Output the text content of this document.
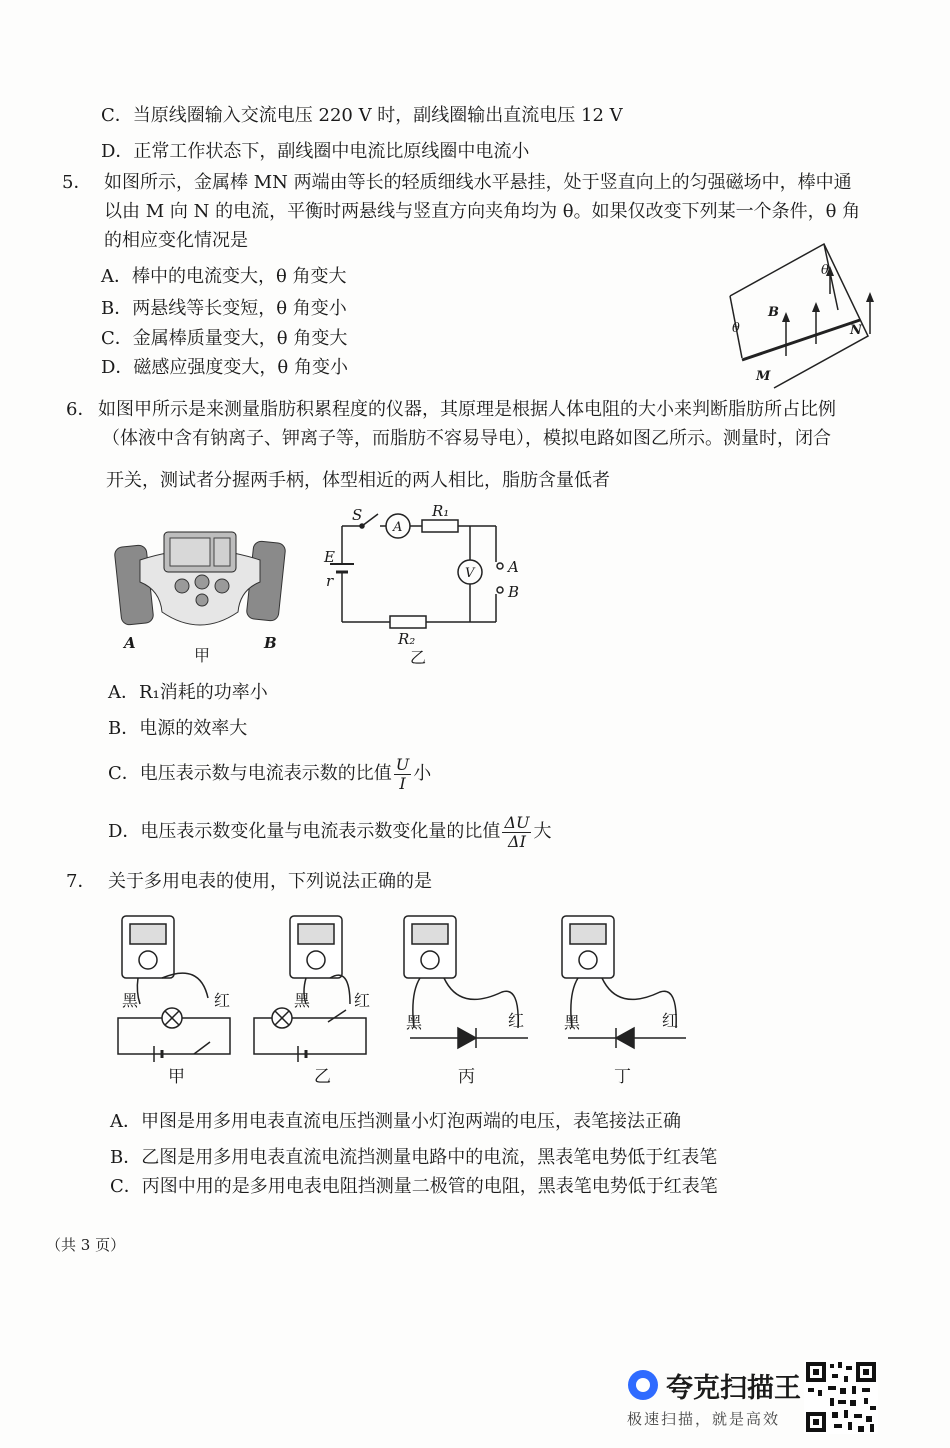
C．当原线圈输入交流电压 220 V 时，副线圈输出直流电压 12 V
D．正常工作状态下，副线圈中电流比原线圈中电流小
5． 如图所示，金属棒 MN 两端由等长的轻质细线水平悬挂，处于竖直向上的匀强磁场中，棒中通
以由 M 向 N 的电流，平衡时两悬线与竖直方向夹角均为 θ。如果仅改变下列某一个条件，θ 角
的相应变化情况是
A．棒中的电流变大，θ 角变大
B．两悬线等长变短，θ 角变小
C．金属棒质量变大，θ 角变大
D．磁感应强度变大，θ 角变小
θ
θ
B
N
M
6． 如图甲所示是来测量脂肪积累程度的仪器，其原理是根据人体电阻的大小来判断脂肪所占比例
（体液中含有钠离子、钾离子等，而脂肪不容易导电），模拟电路如图乙所示。测量时，闭合
开关，测试者分握两手柄，体型相近的两人相比，脂肪含量低者
A	B
甲
S
A
R₁
V
E
r
A
B
R₂
乙
A．R₁消耗的功率小
B．电源的效率大
C．电压表示数与电流表示数的比值 $\frac{U}{I}$ 小
D．电压表示数变化量与电流表示数变化量的比值 $\frac{\Delta U}{\Delta I}$ 大
7． 关于多用电表的使用，下列说法正确的是
黑	红	黑	红
黑	红 黑	红
甲	乙	丙	丁
A．甲图是用多用电表直流电压挡测量小灯泡两端的电压，表笔接法正确
B．乙图是用多用电表直流电流挡测量电路中的电流，黑表笔电势低于红表笔
C．丙图中用的是多用电表电阻挡测量二极管的电阻，黑表笔电势低于红表笔
（共 3 页）
夸克扫描王
极速扫描，就是高效
